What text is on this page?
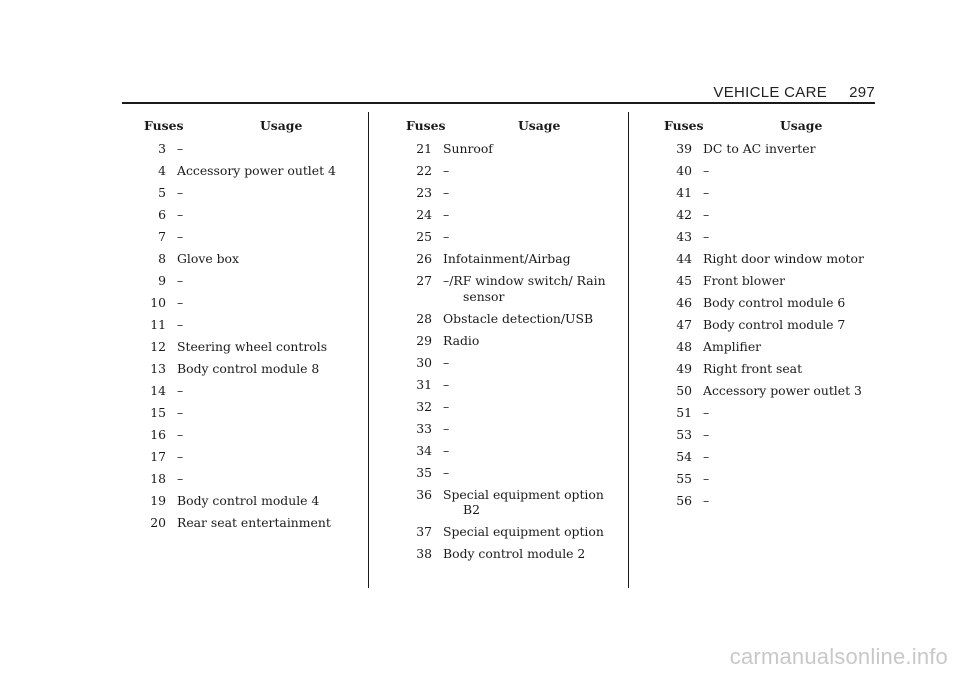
VEHICLE CARE 297
Fuses	Usage
3 –
4 Accessory power outlet 4
5 –
6 –
7 –
8 Glove box
9 –
10 –
11 –
12 Steering wheel controls
13 Body control module 8
14 –
15 –
16 –
17 –
18 –
19 Body control module 4
20 Rear seat entertainment
Fuses	Usage
21 Sunroof
22 –
23 –
24 –
25 –
26 Infotainment/Airbag
27 –/RF window switch/ Rain sensor
28 Obstacle detection/USB
29 Radio
30 –
31 –
32 –
33 –
34 –
35 –
36 Special equipment option B2
37 Special equipment option
38 Body control module 2
Fuses	Usage
39 DC to AC inverter
40 –
41 –
42 –
43 –
44 Right door window motor
45 Front blower
46 Body control module 6
47 Body control module 7
48 Amplifier
49 Right front seat
50 Accessory power outlet 3
51 –
53 –
54 –
55 –
56 –
carmanualsonline.info
